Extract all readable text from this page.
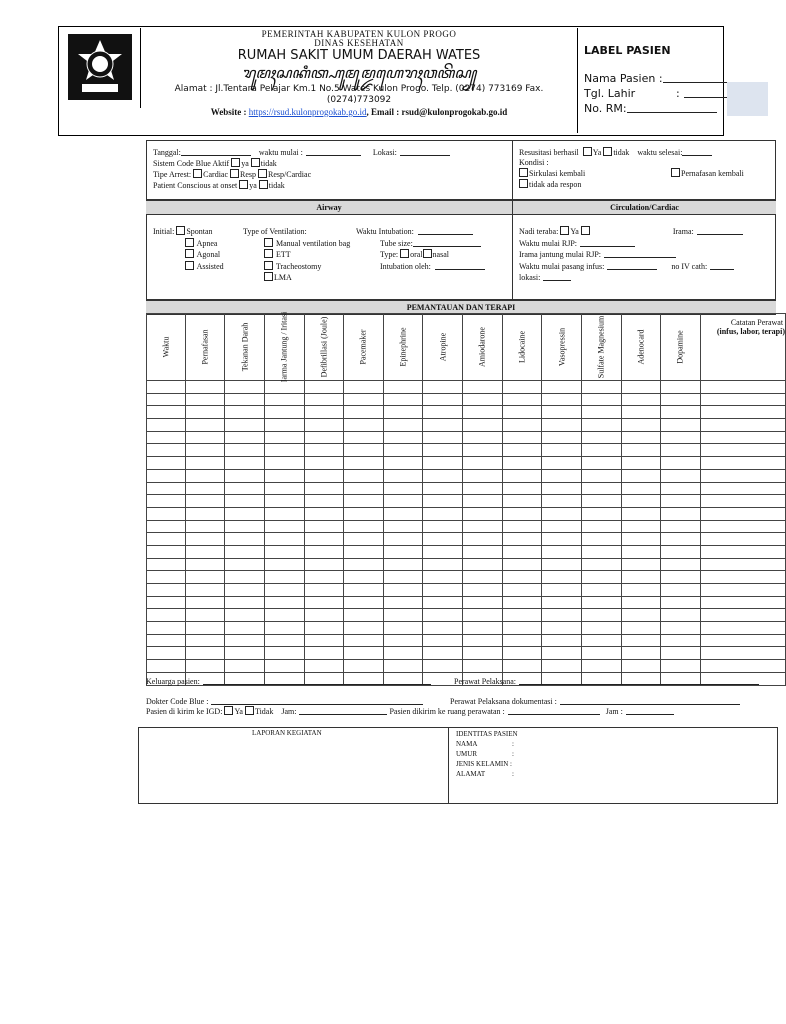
PEMERINTAH KABUPATEN KULON PROGO
DINAS KESEHATAN
RUMAH SAKIT UMUM DAERAH WATES
ꦫꦸꦩꦃꦱꦏꦶꦠ꧀ꦲꦸꦩꦸꦩ꧀ꦢꦲꦺꦫꦃꦮꦠꦼꦱ꧀
Alamat : Jl.Tentara Pelajar Km.1 No.5 Wates Kulon Progo. Telp. (0274) 773169 Fax.
(0274)773092
Website : https://rsud.kulonprogokab.go.id, Email : rsud@kulonprogokab.go.id
LABEL PASIEN
Nama Pasien :
Tgl. Lahir	:
No. RM:
Tanggal:	waktu mulai :	Lokasi:
Sistem Code Blue Aktif ya tidak
Tipe Arrest: Cardiac Resp Resp/Cardiac
Patient Conscious at onset ya tidak
Resusitasi berhasil Ya tidak waktu selesai:
Kondisi :
Sirkulasi kembali	Pernafasan kembali
tidak ada respon
Airway	Circulation/Cardiac
Initial: Spontan
Apnea
Agonal
Assisted
Type of Ventilation:
Manual ventilation bag
ETT
Tracheostomy
LMA
Waktu Intubation:
Tube size:
Type: oral nasal
Intubation oleh:
Nadi teraba: Ya	Irama:
Waktu mulai RJP:
Irama jantung mulai RJP:
Waktu mulai pasang infus:	no IV cath:
lokasi:
PEMANTAUAN DAN TERAPI
Waktu	Pernafasan	Tekanan Darah	Iarma Jantung / Iritasi	Defibrillasi (Joule)	Pacemaker	Epinephrine	Atropine	Amiodarone	Lidocaine	Vasopressin	Sulfate Magnesium	Adenocard	Dopamine	Catatan Perawat
(infus, labor, terapi)

Keluarga pasien:	Perawat Pelaksana:
Dokter Code Blue :	Perawat Pelaksana dokumentasi :
Pasien di kirim ke IGD: Ya Tidak Jam:	Pasien dikirim ke ruang perawatan :	Jam :
LAPORAN KEGIATAN	IDENTITAS PASIEN
NAMA	:
UMUR	:
JENIS KELAMIN :
ALAMAT	:
